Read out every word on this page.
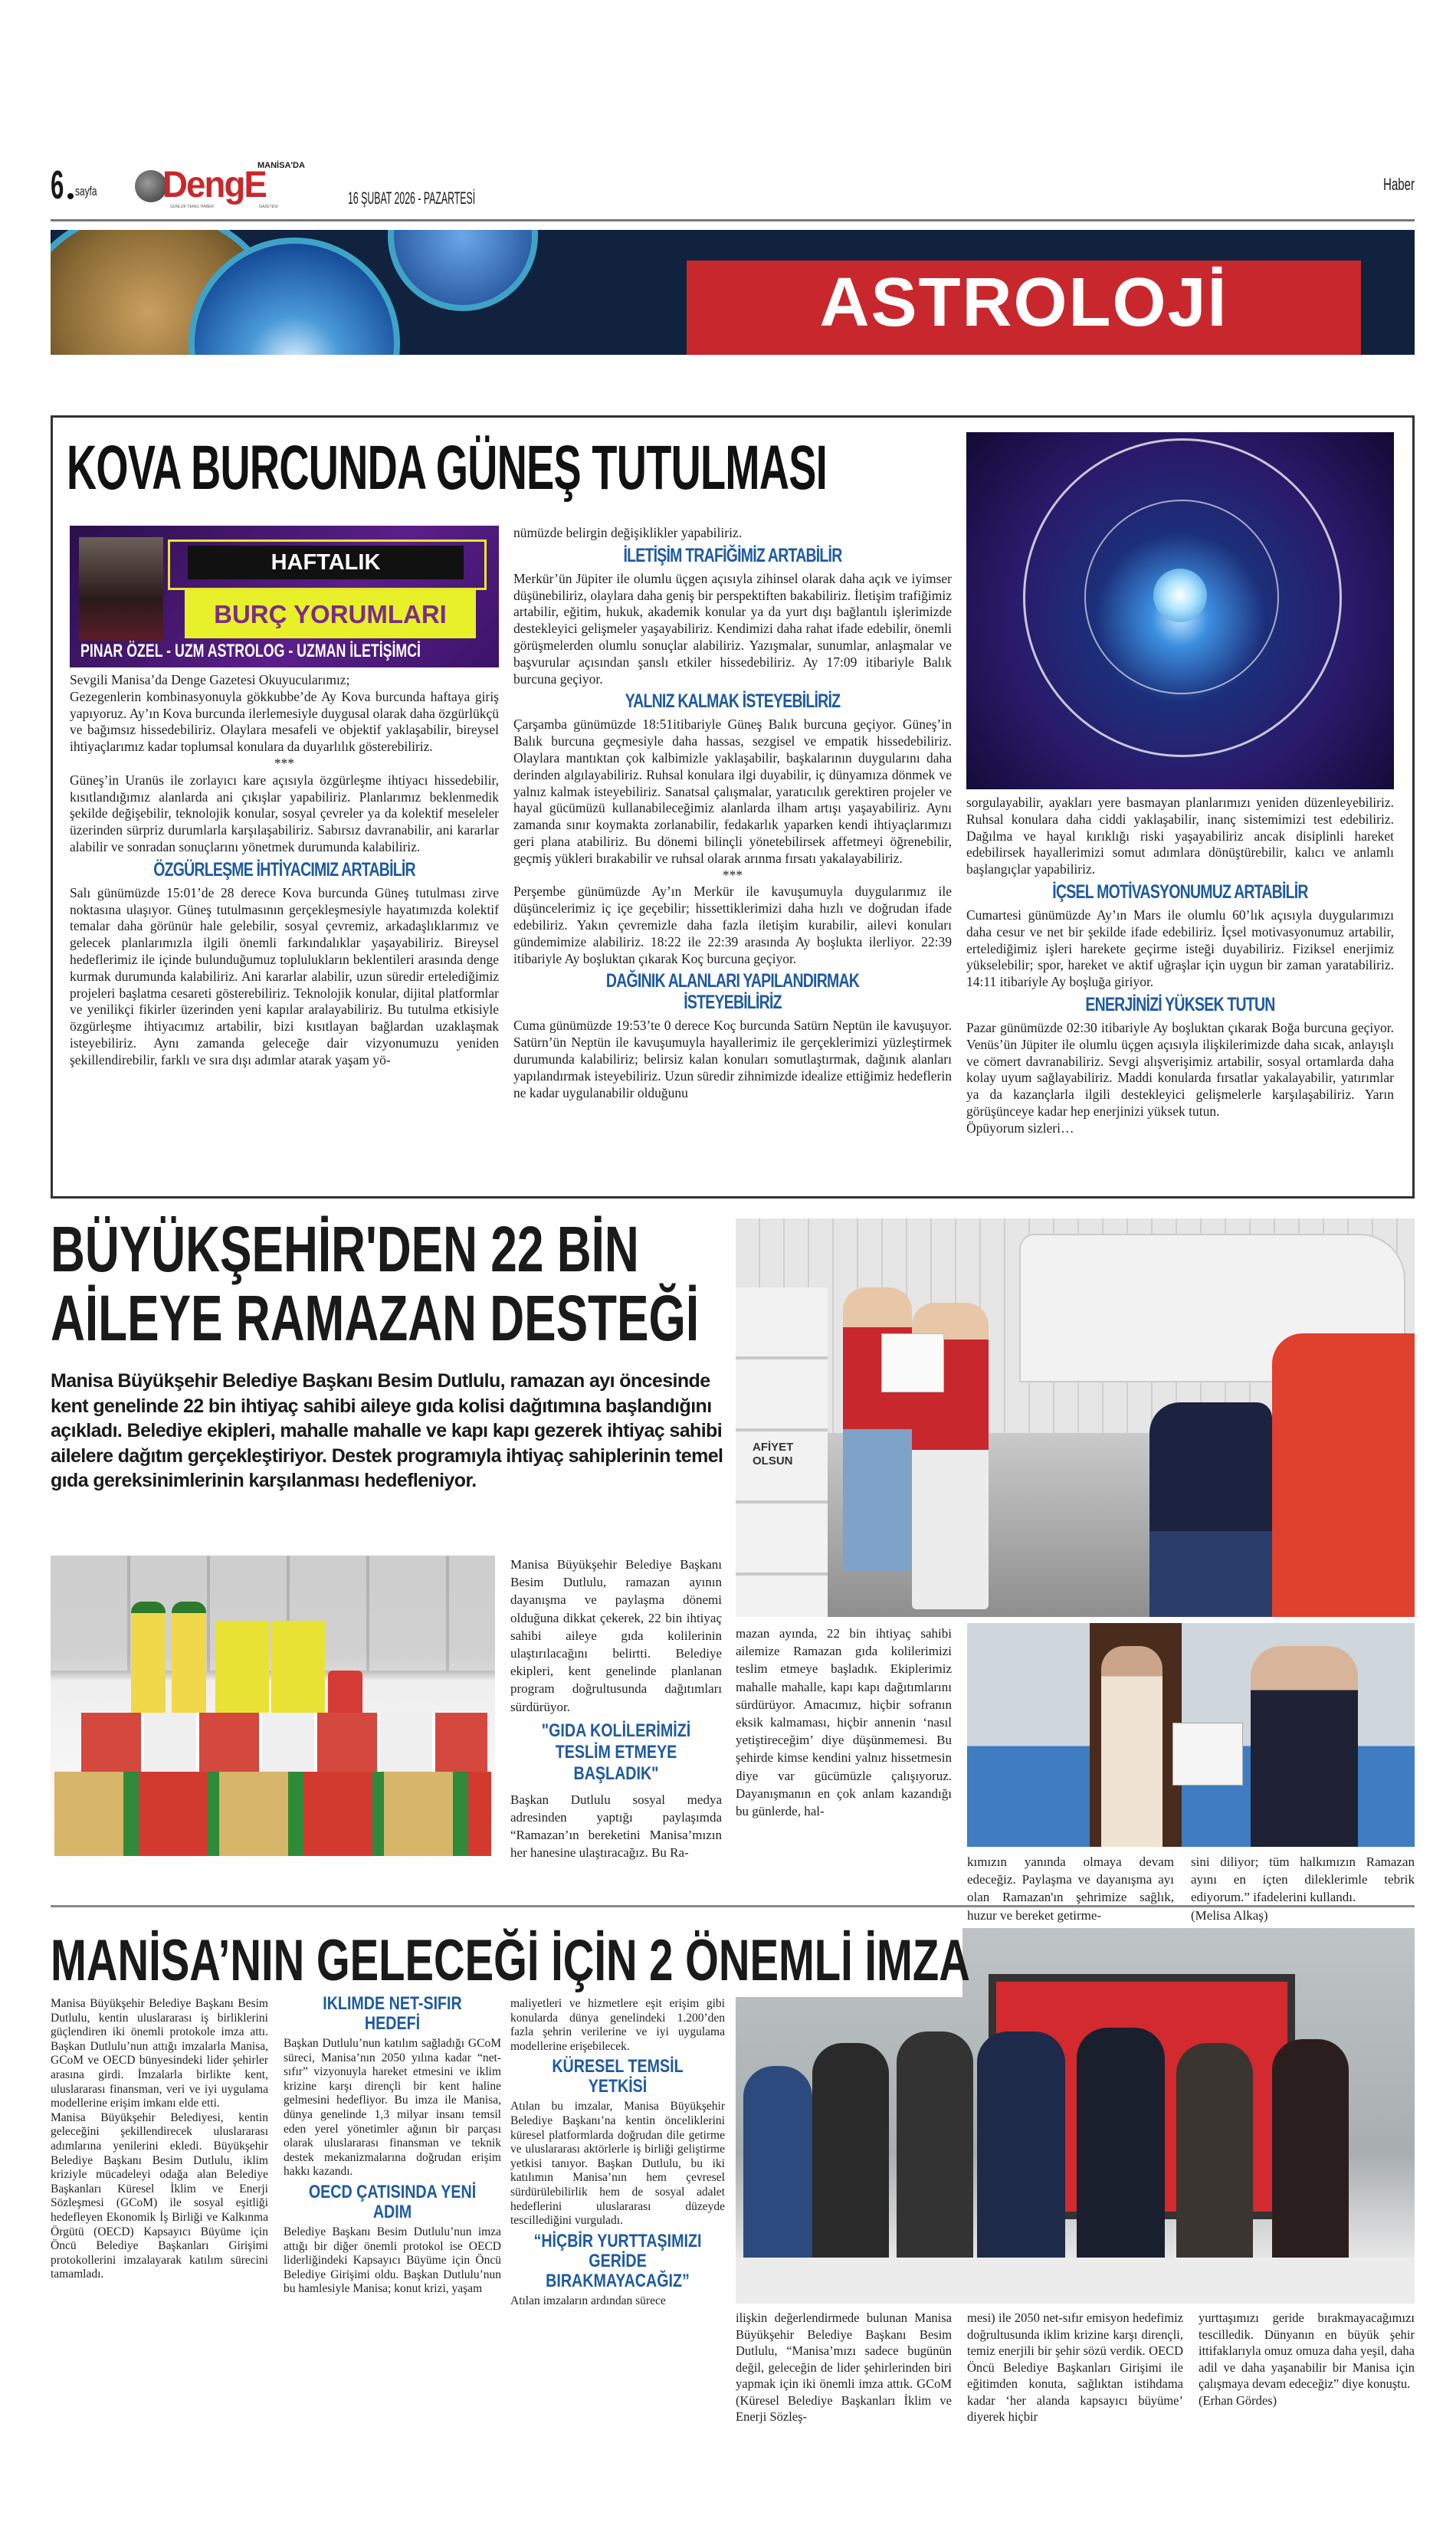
6 sayfa
MANİSA'DA
DengE
GÜNLÜK YEREL HABER	GAZETESİ	16 ŞUBAT 2026 - PAZARTESİ
Haber
ASTROLOJİ
KOVA BURCUNDA GÜNEŞ TUTULMASI
HAFTALIK
BURÇ YORUMLARI
PINAR ÖZEL - UZM ASTROLOG - UZMAN İLETİŞİMCİ

Sevgili Manisa’da Denge Gazetesi Okuyucularımız;

Gezegenlerin kombinasyonuyla gökkubbe’de Ay Kova burcunda haftaya giriş yapıyoruz. Ay’ın Kova burcunda ilerlemesiyle duygusal olarak daha özgürlükçü ve bağımsız hissedebiliriz. Olaylara mesafeli ve objektif yaklaşabilir, bireysel ihtiyaçlarımız kadar toplumsal konulara da duyarlılık gösterebiliriz.

***

Güneş’in Uranüs ile zorlayıcı kare açısıyla özgürleşme ihtiyacı hissedebilir, kısıtlandığımız alanlarda ani çıkışlar yapabiliriz. Planlarımız beklenmedik şekilde değişebilir, teknolojik konular, sosyal çevreler ya da kolektif meseleler üzerinden sürpriz durumlarla karşılaşabiliriz. Sabırsız davranabilir, ani kararlar alabilir ve sonradan sonuçlarını yönetmek durumunda kalabiliriz.

ÖZGÜRLEŞME İHTİYACIMIZ ARTABİLİR

Salı günümüzde 15:01’de 28 derece Kova burcunda Güneş tutulması zirve noktasına ulaşıyor. Güneş tutulmasının gerçekleşmesiyle hayatımızda kolektif temalar daha görünür hale gelebilir, sosyal çevremiz, arkadaşlıklarımız ve gelecek planlarımızla ilgili önemli farkındalıklar yaşayabiliriz. Bireysel hedeflerimiz ile içinde bulunduğumuz toplulukların beklentileri arasında denge kurmak durumunda kalabiliriz. Ani kararlar alabilir, uzun süredir ertelediğimiz projeleri başlatma cesareti gösterebiliriz. Teknolojik konular, dijital platformlar ve yenilikçi fikirler üzerinden yeni kapılar aralayabiliriz. Bu tutulma etkisiyle özgürleşme ihtiyacımız artabilir, bizi kısıtlayan bağlardan uzaklaşmak isteyebiliriz. Aynı zamanda geleceğe dair vizyonumuzu yeniden şekillendirebilir, farklı ve sıra dışı adımlar atarak yaşam yö-

nümüzde belirgin değişiklikler yapabiliriz.

İLETİŞİM TRAFİĞİMİZ ARTABİLİR

Merkür’ün Jüpiter ile olumlu üçgen açısıyla zihinsel olarak daha açık ve iyimser düşünebiliriz, olaylara daha geniş bir perspektiften bakabiliriz. İletişim trafiğimiz artabilir, eğitim, hukuk, akademik konular ya da yurt dışı bağlantılı işlerimizde destekleyici gelişmeler yaşayabiliriz. Kendimizi daha rahat ifade edebilir, önemli görüşmelerden olumlu sonuçlar alabiliriz. Yazışmalar, sunumlar, anlaşmalar ve başvurular açısından şanslı etkiler hissedebiliriz. Ay 17:09 itibariyle Balık burcuna geçiyor.

YALNIZ KALMAK İSTEYEBİLİRİZ

Çarşamba günümüzde 18:51itibariyle Güneş Balık burcuna geçiyor. Güneş’in Balık burcuna geçmesiyle daha hassas, sezgisel ve empatik hissedebiliriz. Olaylara mantıktan çok kalbimizle yaklaşabilir, başkalarının duygularını daha derinden algılayabiliriz. Ruhsal konulara ilgi duyabilir, iç dünyamıza dönmek ve yalnız kalmak isteyebiliriz. Sanatsal çalışmalar, yaratıcılık gerektiren projeler ve hayal gücümüzü kullanabileceğimiz alanlarda ilham artışı yaşayabiliriz. Aynı zamanda sınır koymakta zorlanabilir, fedakarlık yaparken kendi ihtiyaçlarımızı geri plana atabiliriz. Bu dönemi bilinçli yönetebilirsek affetmeyi öğrenebilir, geçmiş yükleri bırakabilir ve ruhsal olarak arınma fırsatı yakalayabiliriz.

***

Perşembe günümüzde Ay’ın Merkür ile kavuşumuyla duygularımız ile düşüncelerimiz iç içe geçebilir; hissettiklerimizi daha hızlı ve doğrudan ifade edebiliriz. Yakın çevremizle daha fazla iletişim kurabilir, ailevi konuları gündemimize alabiliriz. 18:22 ile 22:39 arasında Ay boşlukta ilerliyor. 22:39 itibariyle Ay boşluktan çıkarak Koç burcuna geçiyor.

DAĞINIK ALANLARI YAPILANDIRMAK İSTEYEBİLİRİZ

Cuma günümüzde 19:53’te 0 derece Koç burcunda Satürn Neptün ile kavuşuyor. Satürn’ün Neptün ile kavuşumuyla hayallerimiz ile gerçeklerimizi yüzleştirmek durumunda kalabiliriz; belirsiz kalan konuları somutlaştırmak, dağınık alanları yapılandırmak isteyebiliriz. Uzun süredir zihnimizde idealize ettiğimiz hedeflerin ne kadar uygulanabilir olduğunu

sorgulayabilir, ayakları yere basmayan planlarımızı yeniden düzenleyebiliriz. Ruhsal konulara daha ciddi yaklaşabilir, inanç sistemimizi test edebiliriz. Dağılma ve hayal kırıklığı riski yaşayabiliriz ancak disiplinli hareket edebilirsek hayallerimizi somut adımlara dönüştürebilir, kalıcı ve anlamlı başlangıçlar yapabiliriz.

İÇSEL MOTİVASYONUMUZ ARTABİLİR

Cumartesi günümüzde Ay’ın Mars ile olumlu 60’lık açısıyla duygularımızı daha cesur ve net bir şekilde ifade edebiliriz. İçsel motivasyonumuz artabilir, ertelediğimiz işleri harekete geçirme isteği duyabiliriz. Fiziksel enerjimiz yükselebilir; spor, hareket ve aktif uğraşlar için uygun bir zaman yaratabiliriz. 14:11 itibariyle Ay boşluğa giriyor.

ENERJİNİZİ YÜKSEK TUTUN

Pazar günümüzde 02:30 itibariyle Ay boşluktan çıkarak Boğa burcuna geçiyor. Venüs’ün Jüpiter ile olumlu üçgen açısıyla ilişkilerimizde daha sıcak, anlayışlı ve cömert davranabiliriz. Sevgi alışverişimiz artabilir, sosyal ortamlarda daha kolay uyum sağlayabiliriz. Maddi konularda fırsatlar yakalayabilir, yatırımlar ya da kazançlarla ilgili destekleyici gelişmelerle karşılaşabiliriz. Yarın görüşünceye kadar hep enerjinizi yüksek tutun.

Öpüyorum sizleri…

BÜYÜKŞEHİR'DEN 22 BİN
AİLEYE RAMAZAN DESTEĞİ
Manisa Büyükşehir Belediye Başkanı Besim Dutlulu, ramazan ayı öncesinde kent genelinde 22 bin ihtiyaç sahibi aileye gıda kolisi dağıtımına başlandığını açıkladı. Belediye ekipleri, mahalle mahalle ve kapı kapı gezerek ihtiyaç sahibi ailelere dağıtım gerçekleştiriyor. Destek programıyla ihtiyaç sahiplerinin temel gıda gereksinimlerinin karşılanması hedefleniyor.

Manisa Büyükşehir Belediye Başkanı Besim Dutlulu, ramazan ayının dayanışma ve paylaşma dönemi olduğuna dikkat çekerek, 22 bin ihtiyaç sahibi aileye gıda kolilerinin ulaştırılacağını belirtti. Belediye ekipleri, kent genelinde planlanan program doğrultusunda dağıtımları sürdürüyor.

"GIDA KOLİLERİMİZİ TESLİM ETMEYE BAŞLADIK"

Başkan Dutlulu sosyal medya adresinden yaptığı paylaşımda “Ramazan’ın bereketini Manisa’mızın her hanesine ulaştıracağız. Bu Ra-

AFİYET
OLSUN

mazan ayında, 22 bin ihtiyaç sahibi ailemize Ramazan gıda kolilerimizi teslim etmeye başladık. Ekiplerimiz mahalle mahalle, kapı kapı dağıtımlarını sürdürüyor. Amacımız, hiçbir sofranın eksik kalmaması, hiçbir annenin ‘nasıl yetiştireceğim’ diye düşünmemesi. Bu şehirde kimse kendini yalnız hissetmesin diye var gücümüzle çalışıyoruz. Dayanışmanın en çok anlam kazandığı bu günlerde, hal-

kımızın yanında olmaya devam edeceğiz. Paylaşma ve dayanışma ayı olan Ramazan'ın şehrimize sağlık, huzur ve bereket getirme-

sini diliyor; tüm halkımızın Ramazan ayını en içten dileklerimle tebrik ediyorum.” ifadelerini kullandı.

(Melisa Alkaş)

MANİSA’NIN GELECEĞİ İÇİN 2 ÖNEMLİ İMZA

Manisa Büyükşehir Belediye Başkanı Besim Dutlulu, kentin uluslararası iş birliklerini güçlendiren iki önemli protokole imza attı. Başkan Dutlulu’nun attığı imzalarla Manisa, GCoM ve OECD bünyesindeki lider şehirler arasına girdi. İmzalarla birlikte kent, uluslararası finansman, veri ve iyi uygulama modellerine erişim imkanı elde etti.

Manisa Büyükşehir Belediyesi, kentin geleceğini şekillendirecek uluslararası adımlarına yenilerini ekledi. Büyükşehir Belediye Başkanı Besim Dutlulu, iklim kriziyle mücadeleyi odağa alan Belediye Başkanları Küresel İklim ve Enerji Sözleşmesi (GCoM) ile sosyal eşitliği hedefleyen Ekonomik İş Birliği ve Kalkınma Örgütü (OECD) Kapsayıcı Büyüme için Öncü Belediye Başkanları Girişimi protokollerini imzalayarak katılım sürecini tamamladı.

IKLIMDE NET-SIFIR HEDEFİ

Başkan Dutlulu’nun katılım sağladığı GCoM süreci, Manisa’nın 2050 yılına kadar “net-sıfır” vizyonuyla hareket etmesini ve iklim krizine karşı dirençli bir kent haline gelmesini hedefliyor. Bu imza ile Manisa, dünya genelinde 1,3 milyar insanı temsil eden yerel yönetimler ağının bir parçası olarak uluslararası finansman ve teknik destek mekanizmalarına doğrudan erişim hakkı kazandı.

OECD ÇATISINDA YENİ ADIM

Belediye Başkanı Besim Dutlulu’nun imza attığı bir diğer önemli protokol ise OECD liderliğindeki Kapsayıcı Büyüme için Öncü Belediye Girişimi oldu. Başkan Dutlulu’nun bu hamlesiyle Manisa; konut krizi, yaşam

maliyetleri ve hizmetlere eşit erişim gibi konularda dünya genelindeki 1.200’den fazla şehrin verilerine ve iyi uygulama modellerine erişebilecek.

KÜRESEL TEMSİL YETKİSİ

Atılan bu imzalar, Manisa Büyükşehir Belediye Başkanı’na kentin önceliklerini küresel platformlarda doğrudan dile getirme ve uluslararası aktörlerle iş birliği geliştirme yetkisi tanıyor. Başkan Dutlulu, bu iki katılımın Manisa’nın hem çevresel sürdürülebilirlik hem de sosyal adalet hedeflerini uluslararası düzeyde tescillediğini vurguladı.

“HİÇBİR YURTTAŞIMIZI GERİDE BIRAKMAYACAĞIZ”

Atılan imzaların ardından sürece

ilişkin değerlendirmede bulunan Manisa Büyükşehir Belediye Başkanı Besim Dutlulu, “Manisa’mızı sadece bugünün değil, geleceğin de lider şehirlerinden biri yapmak için iki önemli imza attık. GCoM (Küresel Belediye Başkanları İklim ve Enerji Sözleş-

mesi) ile 2050 net-sıfır emisyon hedefimiz doğrultusunda iklim krizine karşı dirençli, temiz enerjili bir şehir sözü verdik. OECD Öncü Belediye Başkanları Girişimi ile eğitimden konuta, sağlıktan istihdama kadar ‘her alanda kapsayıcı büyüme’ diyerek hiçbir

yurttaşımızı geride bırakmayacağımızı tescilledik. Dünyanın en büyük şehir ittifaklarıyla omuz omuza daha yeşil, daha adil ve daha yaşanabilir bir Manisa için çalışmaya devam edeceğiz” diye konuştu.

(Erhan Gördes)
